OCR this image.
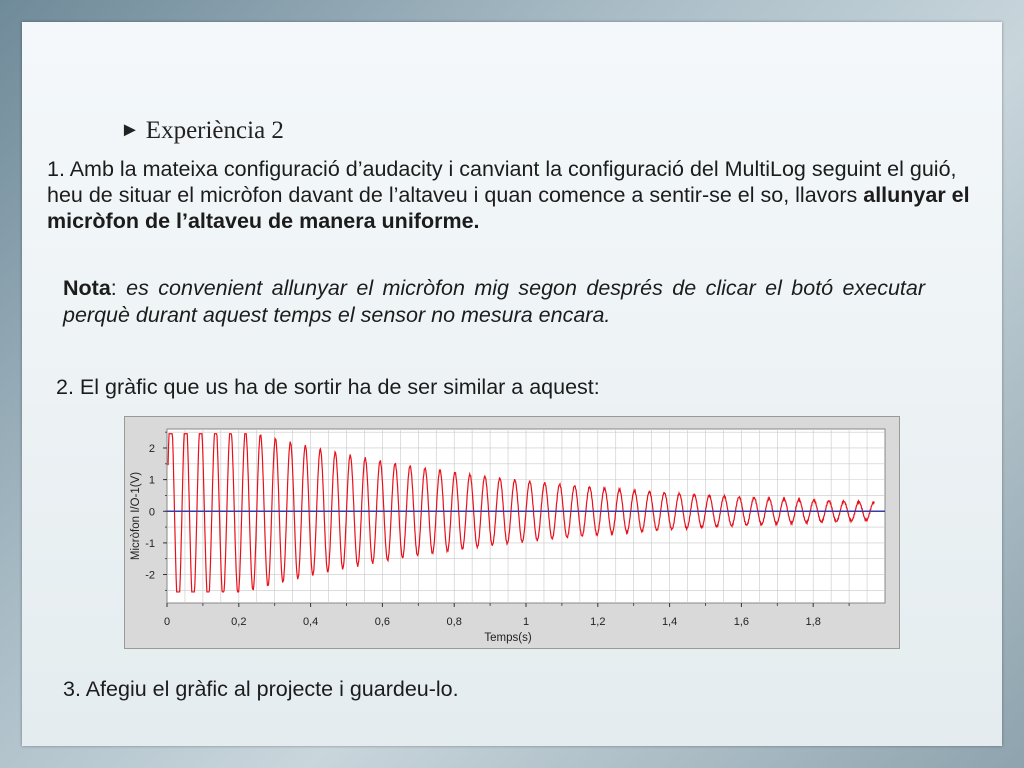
► Experiència 2
1. Amb la mateixa configuració d’audacity i canviant la configuració del MultiLog seguint el guió, heu de situar el micròfon davant de l’altaveu i quan comence a sentir-se el so, llavors allunyar el micròfon de l’altaveu de manera uniforme.
Nota: es convenient allunyar el micròfon mig segon després de clicar el botó executar perquè durant aquest temps el sensor no mesura encara.
2. El gràfic que us ha de sortir ha de ser similar a aquest:
2
1
0
-1
-2
0	0,2	0,4	0,6	0,8	1	1,2	1,4	1,6	1,8
Temps(s)
Micròfon I/O-1(V)
3. Afegiu el gràfic al projecte i guardeu-lo.
